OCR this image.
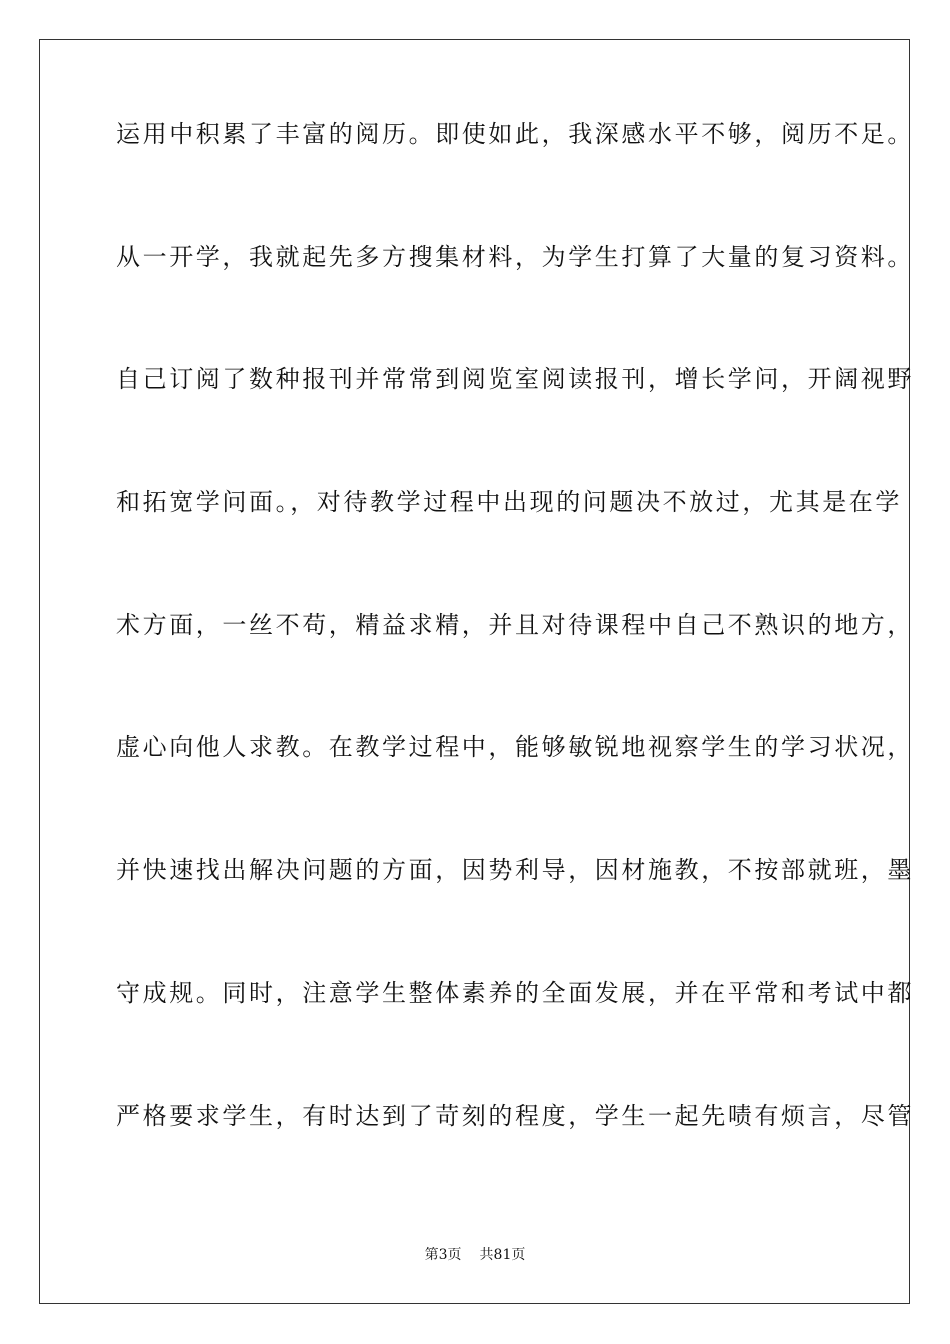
运用中积累了丰富的阅历。即使如此，我深感水平不够，阅历不足。
从一开学，我就起先多方搜集材料，为学生打算了大量的复习资料。
自己订阅了数种报刊并常常到阅览室阅读报刊，增长学问，开阔视野
和拓宽学问面。，对待教学过程中出现的问题决不放过，尤其是在学
术方面，一丝不苟，精益求精，并且对待课程中自己不熟识的地方，
虚心向他人求教。在教学过程中，能够敏锐地视察学生的学习状况，
并快速找出解决问题的方面，因势利导，因材施教，不按部就班，墨
守成规。同时，注意学生整体素养的全面发展，并在平常和考试中都
严格要求学生，有时达到了苛刻的程度，学生一起先啧有烦言，尽管
第3页 共81页
